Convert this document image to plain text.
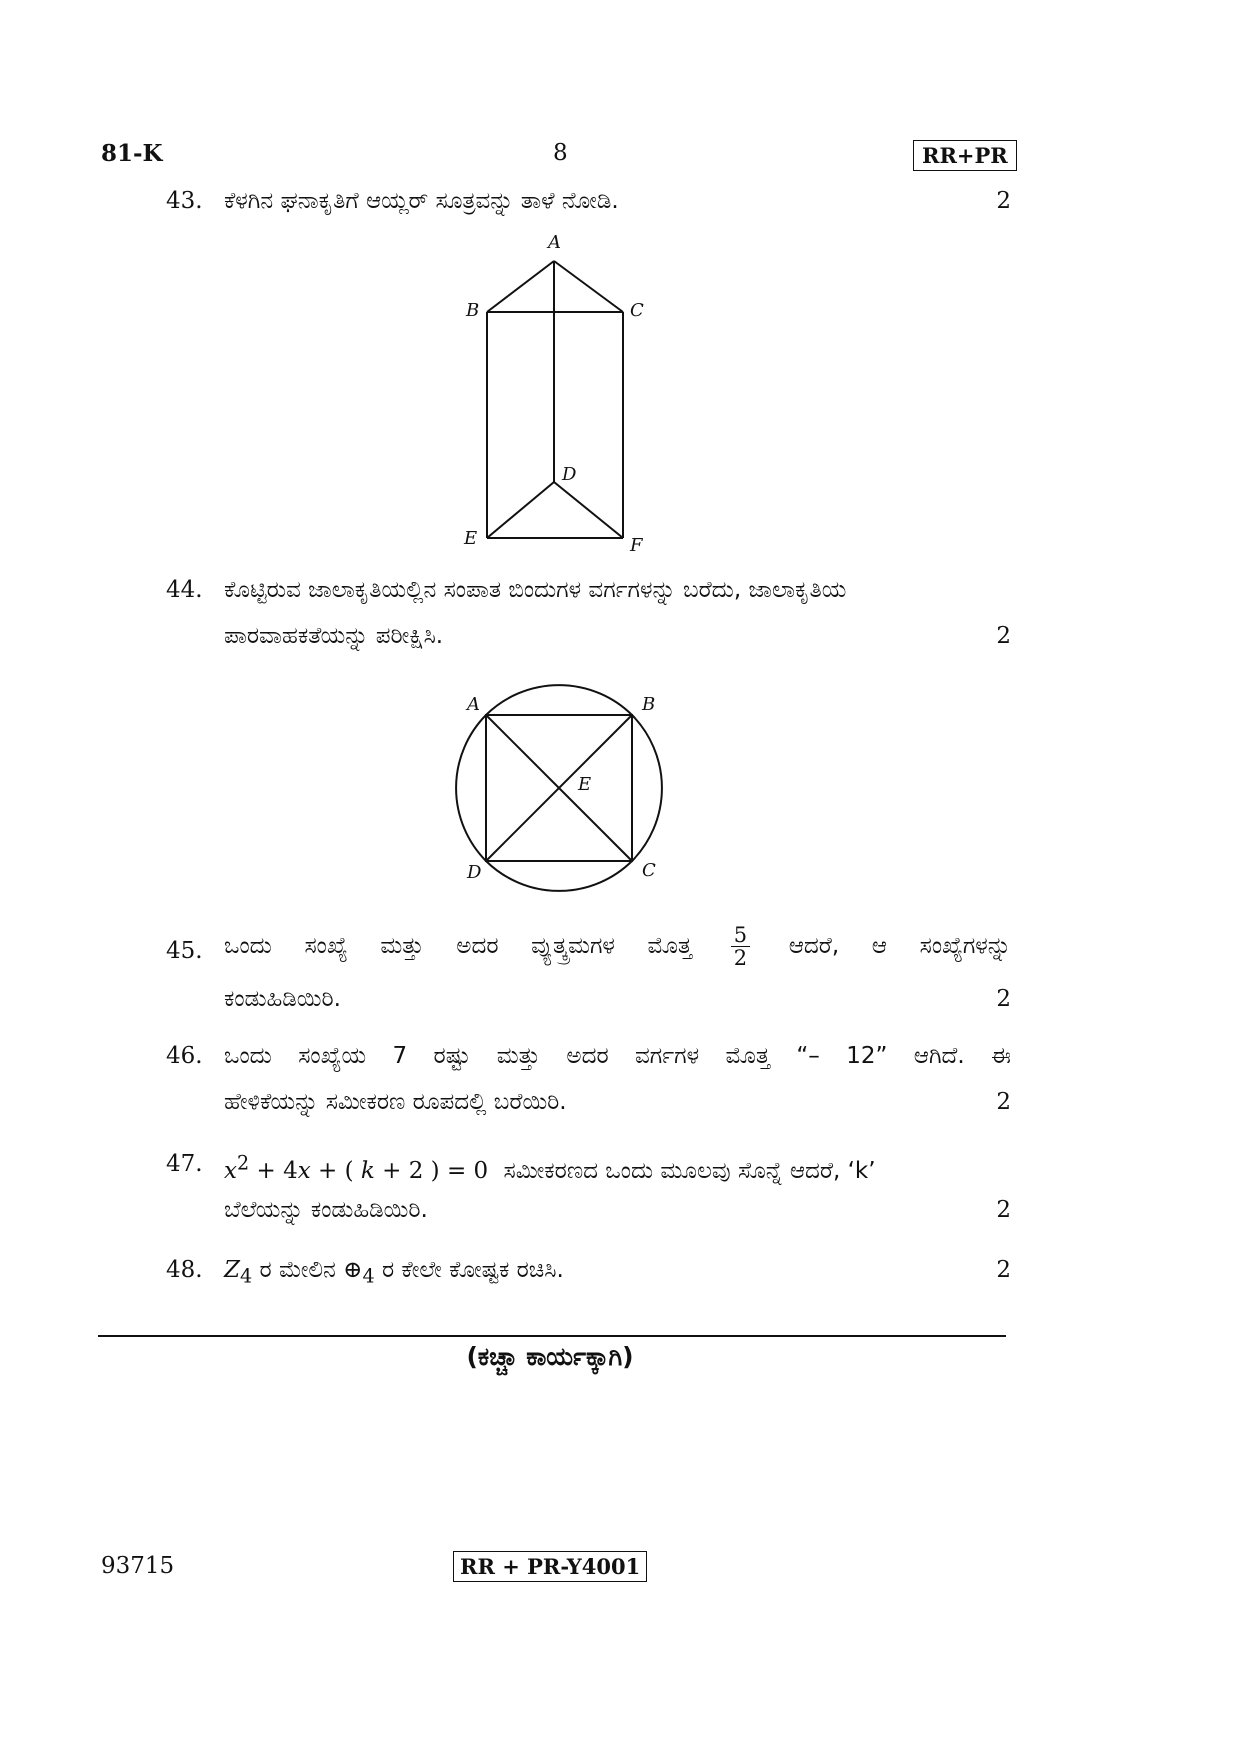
81-K	8	RR+PR
43. ಕೆಳಗಿನ ಘನಾಕೃತಿಗೆ ಆಯ್ಲರ್ ಸೂತ್ರವನ್ನು ತಾಳೆ ನೋಡಿ.	2
A
B	C
D
E	F
44. ಕೊಟ್ಟಿರುವ ಜಾಲಾಕೃತಿಯಲ್ಲಿನ ಸಂಪಾತ ಬಿಂದುಗಳ ವರ್ಗಗಳನ್ನು ಬರೆದು, ಜಾಲಾಕೃತಿಯ
ಪಾರವಾಹಕತೆಯನ್ನು ಪರೀಕ್ಷಿಸಿ.	2
A	B
C
D
E
45. ಒಂದು ಸಂಖ್ಯೆ ಮತ್ತು ಅದರ ವ್ಯುತ್ಕ್ರಮಗಳ ಮೊತ್ತ $\frac{5}{2}$ ಆದರೆ, ಆ ಸಂಖ್ಯೆಗಳನ್ನು
ಕಂಡುಹಿಡಿಯಿರಿ.	2
46. ಒಂದು ಸಂಖ್ಯೆಯ 7 ರಷ್ಟು ಮತ್ತು ಅದರ ವರ್ಗಗಳ ಮೊತ್ತ “– 12” ಆಗಿದೆ. ಈ
ಹೇಳಿಕೆಯನ್ನು ಸಮೀಕರಣ ರೂಪದಲ್ಲಿ ಬರೆಯಿರಿ.	2
47. $x^2 + 4x$ + ( k + 2 ) = 0 ಸಮೀಕರಣದ ಒಂದು ಮೂಲವು ಸೊನ್ನೆ ಆದರೆ, ‘k’
ಬೆಲೆಯನ್ನು ಕಂಡುಹಿಡಿಯಿರಿ.	2
48. $Z_4$ ರ ಮೇಲಿನ $\oplus_4$ ರ ಕೇಲೇ ಕೋಷ್ಟಕ ರಚಿಸಿ.	2
(ಕಚ್ಚಾ ಕಾರ್ಯಕ್ಕಾಗಿ)
93715	RR + PR-Y4001
